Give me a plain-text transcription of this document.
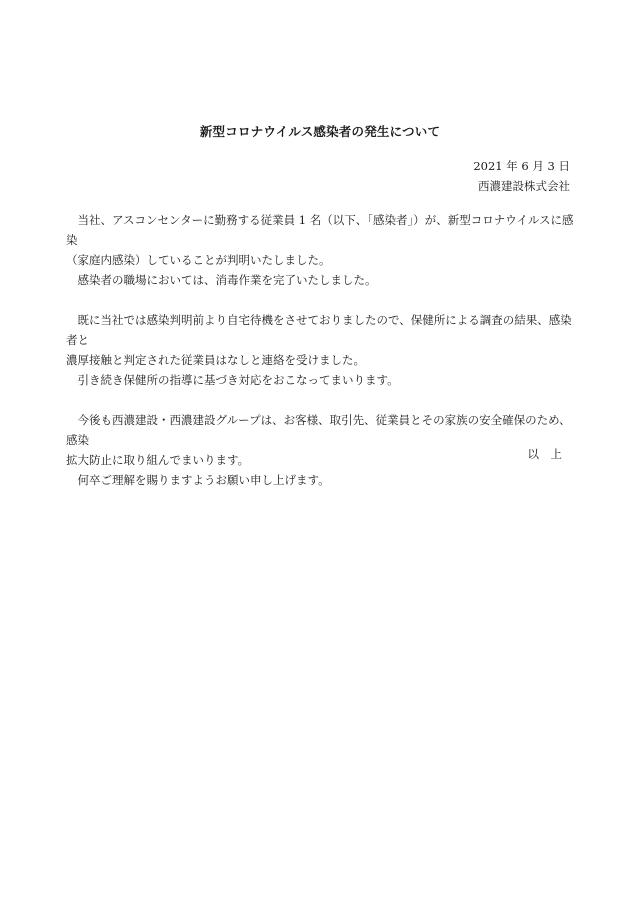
新型コロナウイルス感染者の発生について
2021 年 6 月 3 日
西濃建設株式会社

　当社、アスコンセンターに勤務する従業員 1 名（以下、「感染者」）が、新型コロナウイルスに感染
（家庭内感染）していることが判明いたしました。
　感染者の職場においては、消毒作業を完了いたしました。

　既に当社では感染判明前より自宅待機をさせておりましたので、保健所による調査の結果、感染者と
濃厚接触と判定された従業員はなしと連絡を受けました。
　引き続き保健所の指導に基づき対応をおこなってまいります。

　今後も西濃建設・西濃建設グループは、お客様、取引先、従業員とその家族の安全確保のため、感染
拡大防止に取り組んでまいります。
　何卒ご理解を賜りますようお願い申し上げます。

以　上
